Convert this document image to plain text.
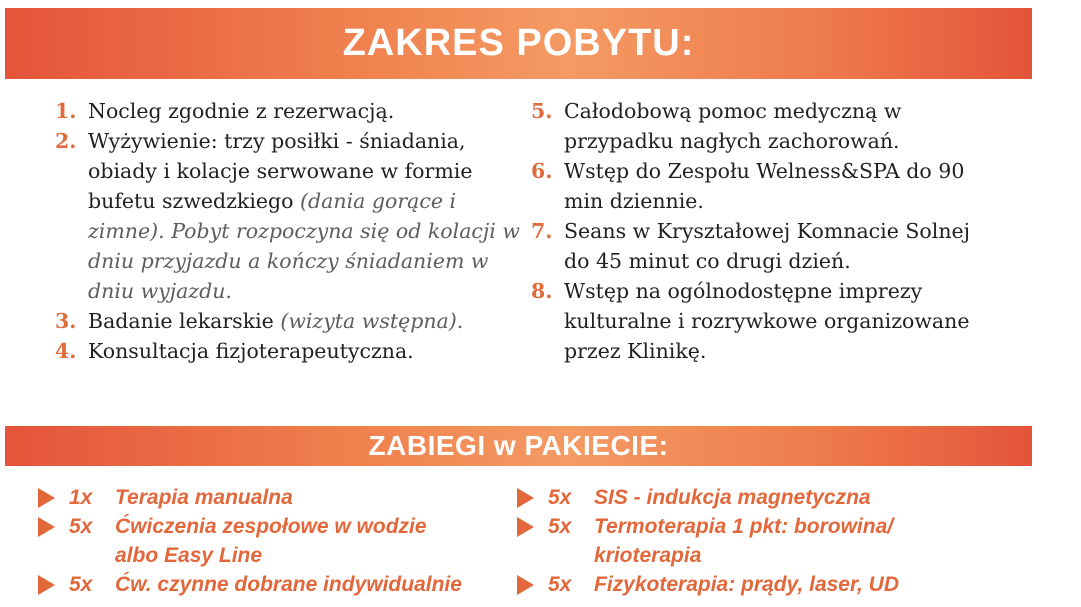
ZAKRES POBYTU:
1. Nocleg zgodnie z rezerwacją.
2. Wyżywienie: trzy posiłki - śniadania, obiady i kolacje serwowane w formie bufetu szwedzkiego (dania gorące i zimne). Pobyt rozpoczyna się od kolacji w dniu przyjazdu a kończy śniadaniem w dniu wyjazdu.
3. Badanie lekarskie (wizyta wstępna).
4. Konsultacja fizjoterapeutyczna.
5. Całodobową pomoc medyczną w przypadku nagłych zachorowań.
6. Wstęp do Zespołu Welness&SPA do 90 min dziennie.
7. Seans w Kryształowej Komnacie Solnej do 45 minut co drugi dzień.
8. Wstęp na ogólnodostępne imprezy kulturalne i rozrywkowe organizowane przez Klinikę.
ZABIEGI w PAKIECIE:
1x Terapia manualna
5x Ćwiczenia zespołowe w wodzie
albo Easy Line
5x Ćw. czynne dobrane indywidualnie
5x SIS - indukcja magnetyczna
5x Termoterapia 1 pkt: borowina/
krioterapia
5x Fizykoterapia: prądy, laser, UD
